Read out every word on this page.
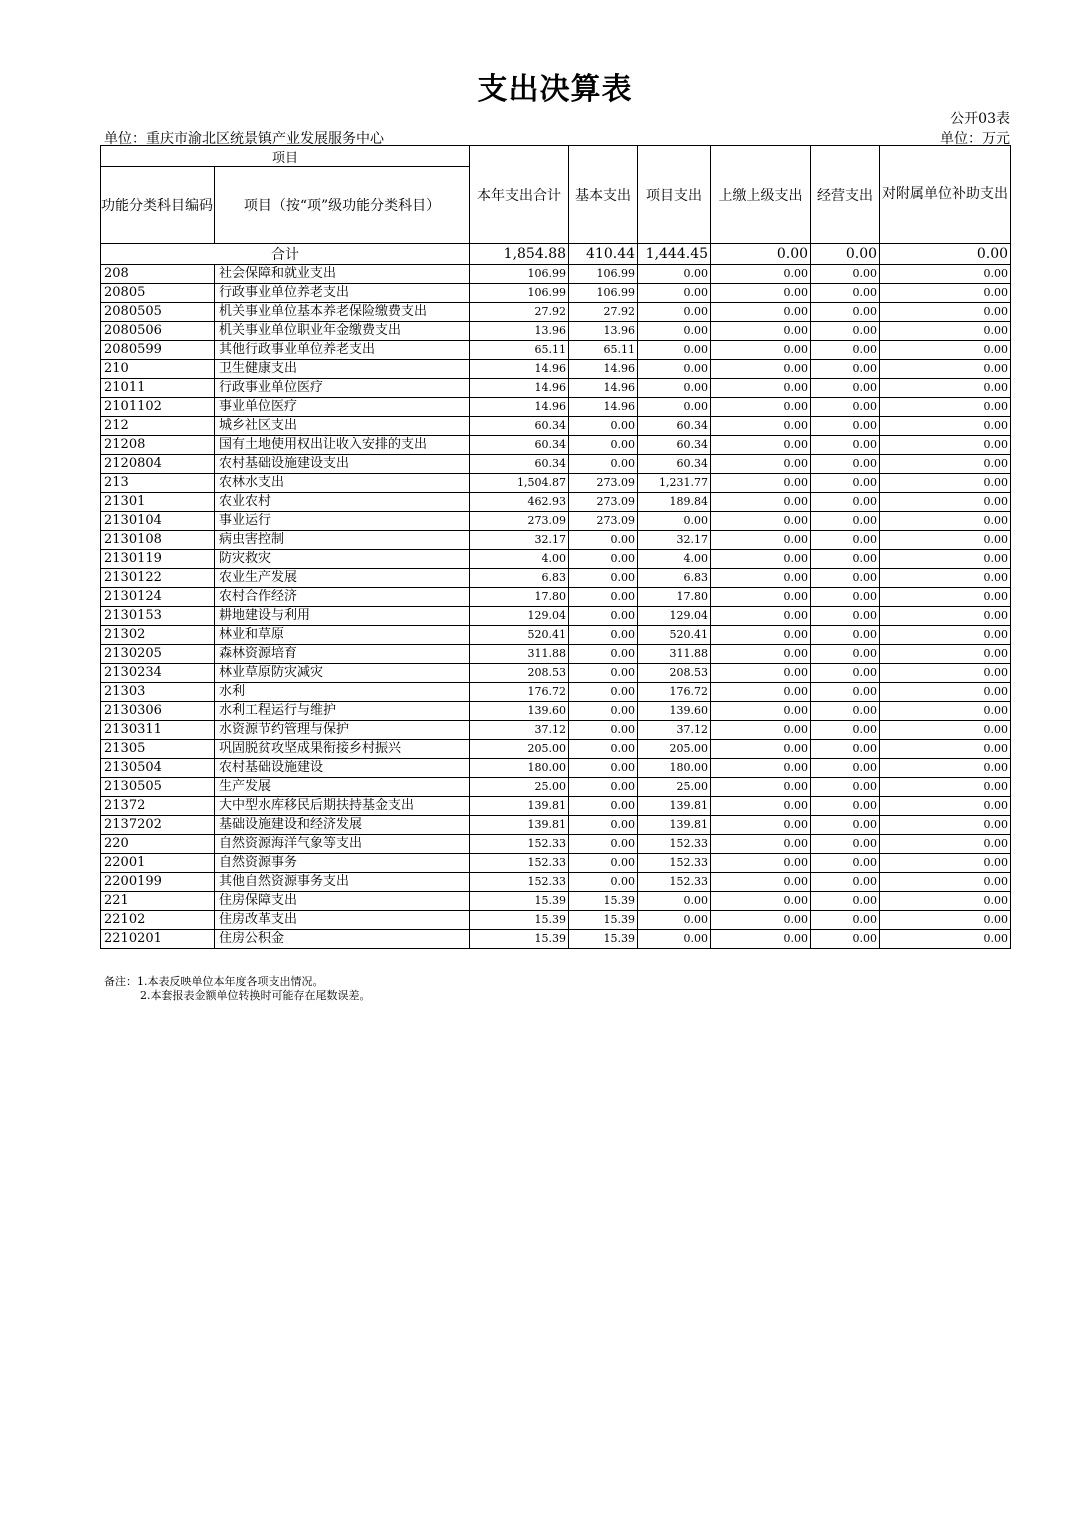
支出决算表
公开03表
单位：重庆市渝北区统景镇产业发展服务中心	单位：万元
项目		本年支出合计	基本支出	项目支出	上缴上级支出	经营支出	对附属单位补助支出
功能分类科目编码	项目（按“项”级功能分类科目）						
合计		1,854.88	410.44	1,444.45	0.00	0.00	0.00
208	社会保障和就业支出	106.99	106.99	0.00	0.00	0.00	0.00
20805	行政事业单位养老支出	106.99	106.99	0.00	0.00	0.00	0.00
2080505	机关事业单位基本养老保险缴费支出	27.92	27.92	0.00	0.00	0.00	0.00
2080506	机关事业单位职业年金缴费支出	13.96	13.96	0.00	0.00	0.00	0.00
2080599	其他行政事业单位养老支出	65.11	65.11	0.00	0.00	0.00	0.00
210	卫生健康支出	14.96	14.96	0.00	0.00	0.00	0.00
21011	行政事业单位医疗	14.96	14.96	0.00	0.00	0.00	0.00
2101102	事业单位医疗	14.96	14.96	0.00	0.00	0.00	0.00
212	城乡社区支出	60.34	0.00	60.34	0.00	0.00	0.00
21208	国有土地使用权出让收入安排的支出	60.34	0.00	60.34	0.00	0.00	0.00
2120804	农村基础设施建设支出	60.34	0.00	60.34	0.00	0.00	0.00
213	农林水支出	1,504.87	273.09	1,231.77	0.00	0.00	0.00
21301	农业农村	462.93	273.09	189.84	0.00	0.00	0.00
2130104	事业运行	273.09	273.09	0.00	0.00	0.00	0.00
2130108	病虫害控制	32.17	0.00	32.17	0.00	0.00	0.00
2130119	防灾救灾	4.00	0.00	4.00	0.00	0.00	0.00
2130122	农业生产发展	6.83	0.00	6.83	0.00	0.00	0.00
2130124	农村合作经济	17.80	0.00	17.80	0.00	0.00	0.00
2130153	耕地建设与利用	129.04	0.00	129.04	0.00	0.00	0.00
21302	林业和草原	520.41	0.00	520.41	0.00	0.00	0.00
2130205	森林资源培育	311.88	0.00	311.88	0.00	0.00	0.00
2130234	林业草原防灾减灾	208.53	0.00	208.53	0.00	0.00	0.00
21303	水利	176.72	0.00	176.72	0.00	0.00	0.00
2130306	水利工程运行与维护	139.60	0.00	139.60	0.00	0.00	0.00
2130311	水资源节约管理与保护	37.12	0.00	37.12	0.00	0.00	0.00
21305	巩固脱贫攻坚成果衔接乡村振兴	205.00	0.00	205.00	0.00	0.00	0.00
2130504	农村基础设施建设	180.00	0.00	180.00	0.00	0.00	0.00
2130505	生产发展	25.00	0.00	25.00	0.00	0.00	0.00
21372	大中型水库移民后期扶持基金支出	139.81	0.00	139.81	0.00	0.00	0.00
2137202	基础设施建设和经济发展	139.81	0.00	139.81	0.00	0.00	0.00
220	自然资源海洋气象等支出	152.33	0.00	152.33	0.00	0.00	0.00
22001	自然资源事务	152.33	0.00	152.33	0.00	0.00	0.00
2200199	其他自然资源事务支出	152.33	0.00	152.33	0.00	0.00	0.00
221	住房保障支出	15.39	15.39	0.00	0.00	0.00	0.00
22102	住房改革支出	15.39	15.39	0.00	0.00	0.00	0.00
2210201	住房公积金	15.39	15.39	0.00	0.00	0.00	0.00
备注：1.本表反映单位本年度各项支出情况。
2.本套报表金额单位转换时可能存在尾数误差。
